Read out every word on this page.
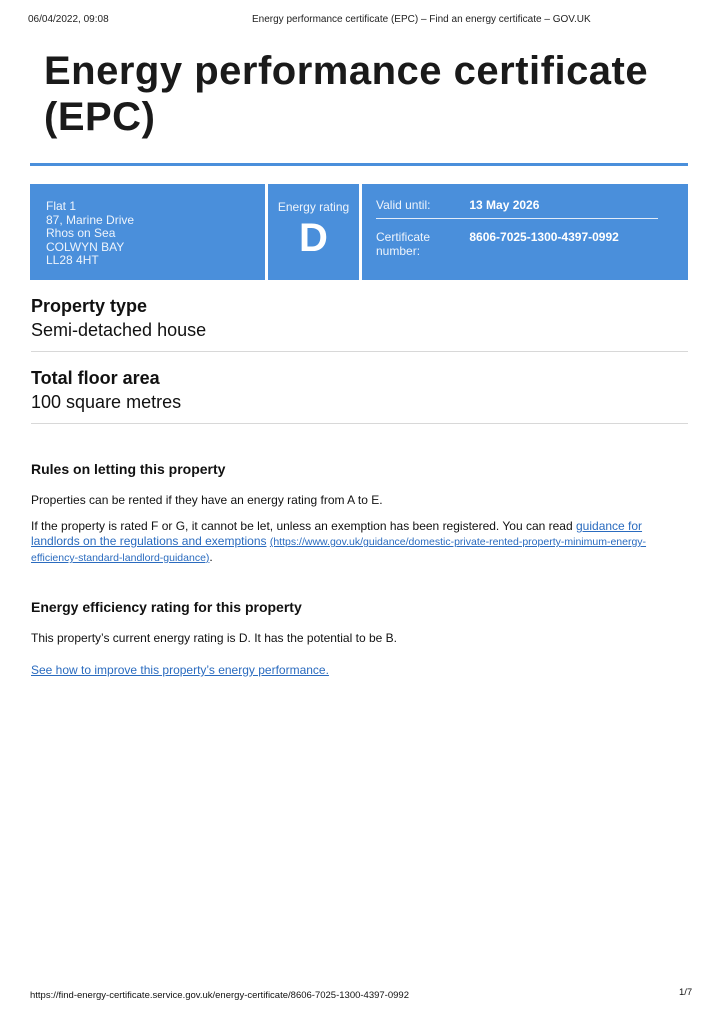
06/04/2022, 09:08	Energy performance certificate (EPC) – Find an energy certificate – GOV.UK
Energy performance certificate
(EPC)
Flat 1
87, Marine Drive
Rhos on Sea
COLWYN BAY
LL28 4HT
Energy rating
D
Valid until:	13 May 2026
Certificate number: 8606-7025-1300-4397-0992
Property type
Semi-detached house
Total floor area
100 square metres
Rules on letting this property
Properties can be rented if they have an energy rating from A to E.
If the property is rated F or G, it cannot be let, unless an exemption has been registered. You can read guidance for landlords on the regulations and exemptions (https://www.gov.uk/guidance/domestic-private-rented-property-minimum-energy-efficiency-standard-landlord-guidance).
Energy efficiency rating for this property
This property’s current energy rating is D. It has the potential to be B.
See how to improve this property’s energy performance.
https://find-energy-certificate.service.gov.uk/energy-certificate/8606-7025-1300-4397-0992	1/7
